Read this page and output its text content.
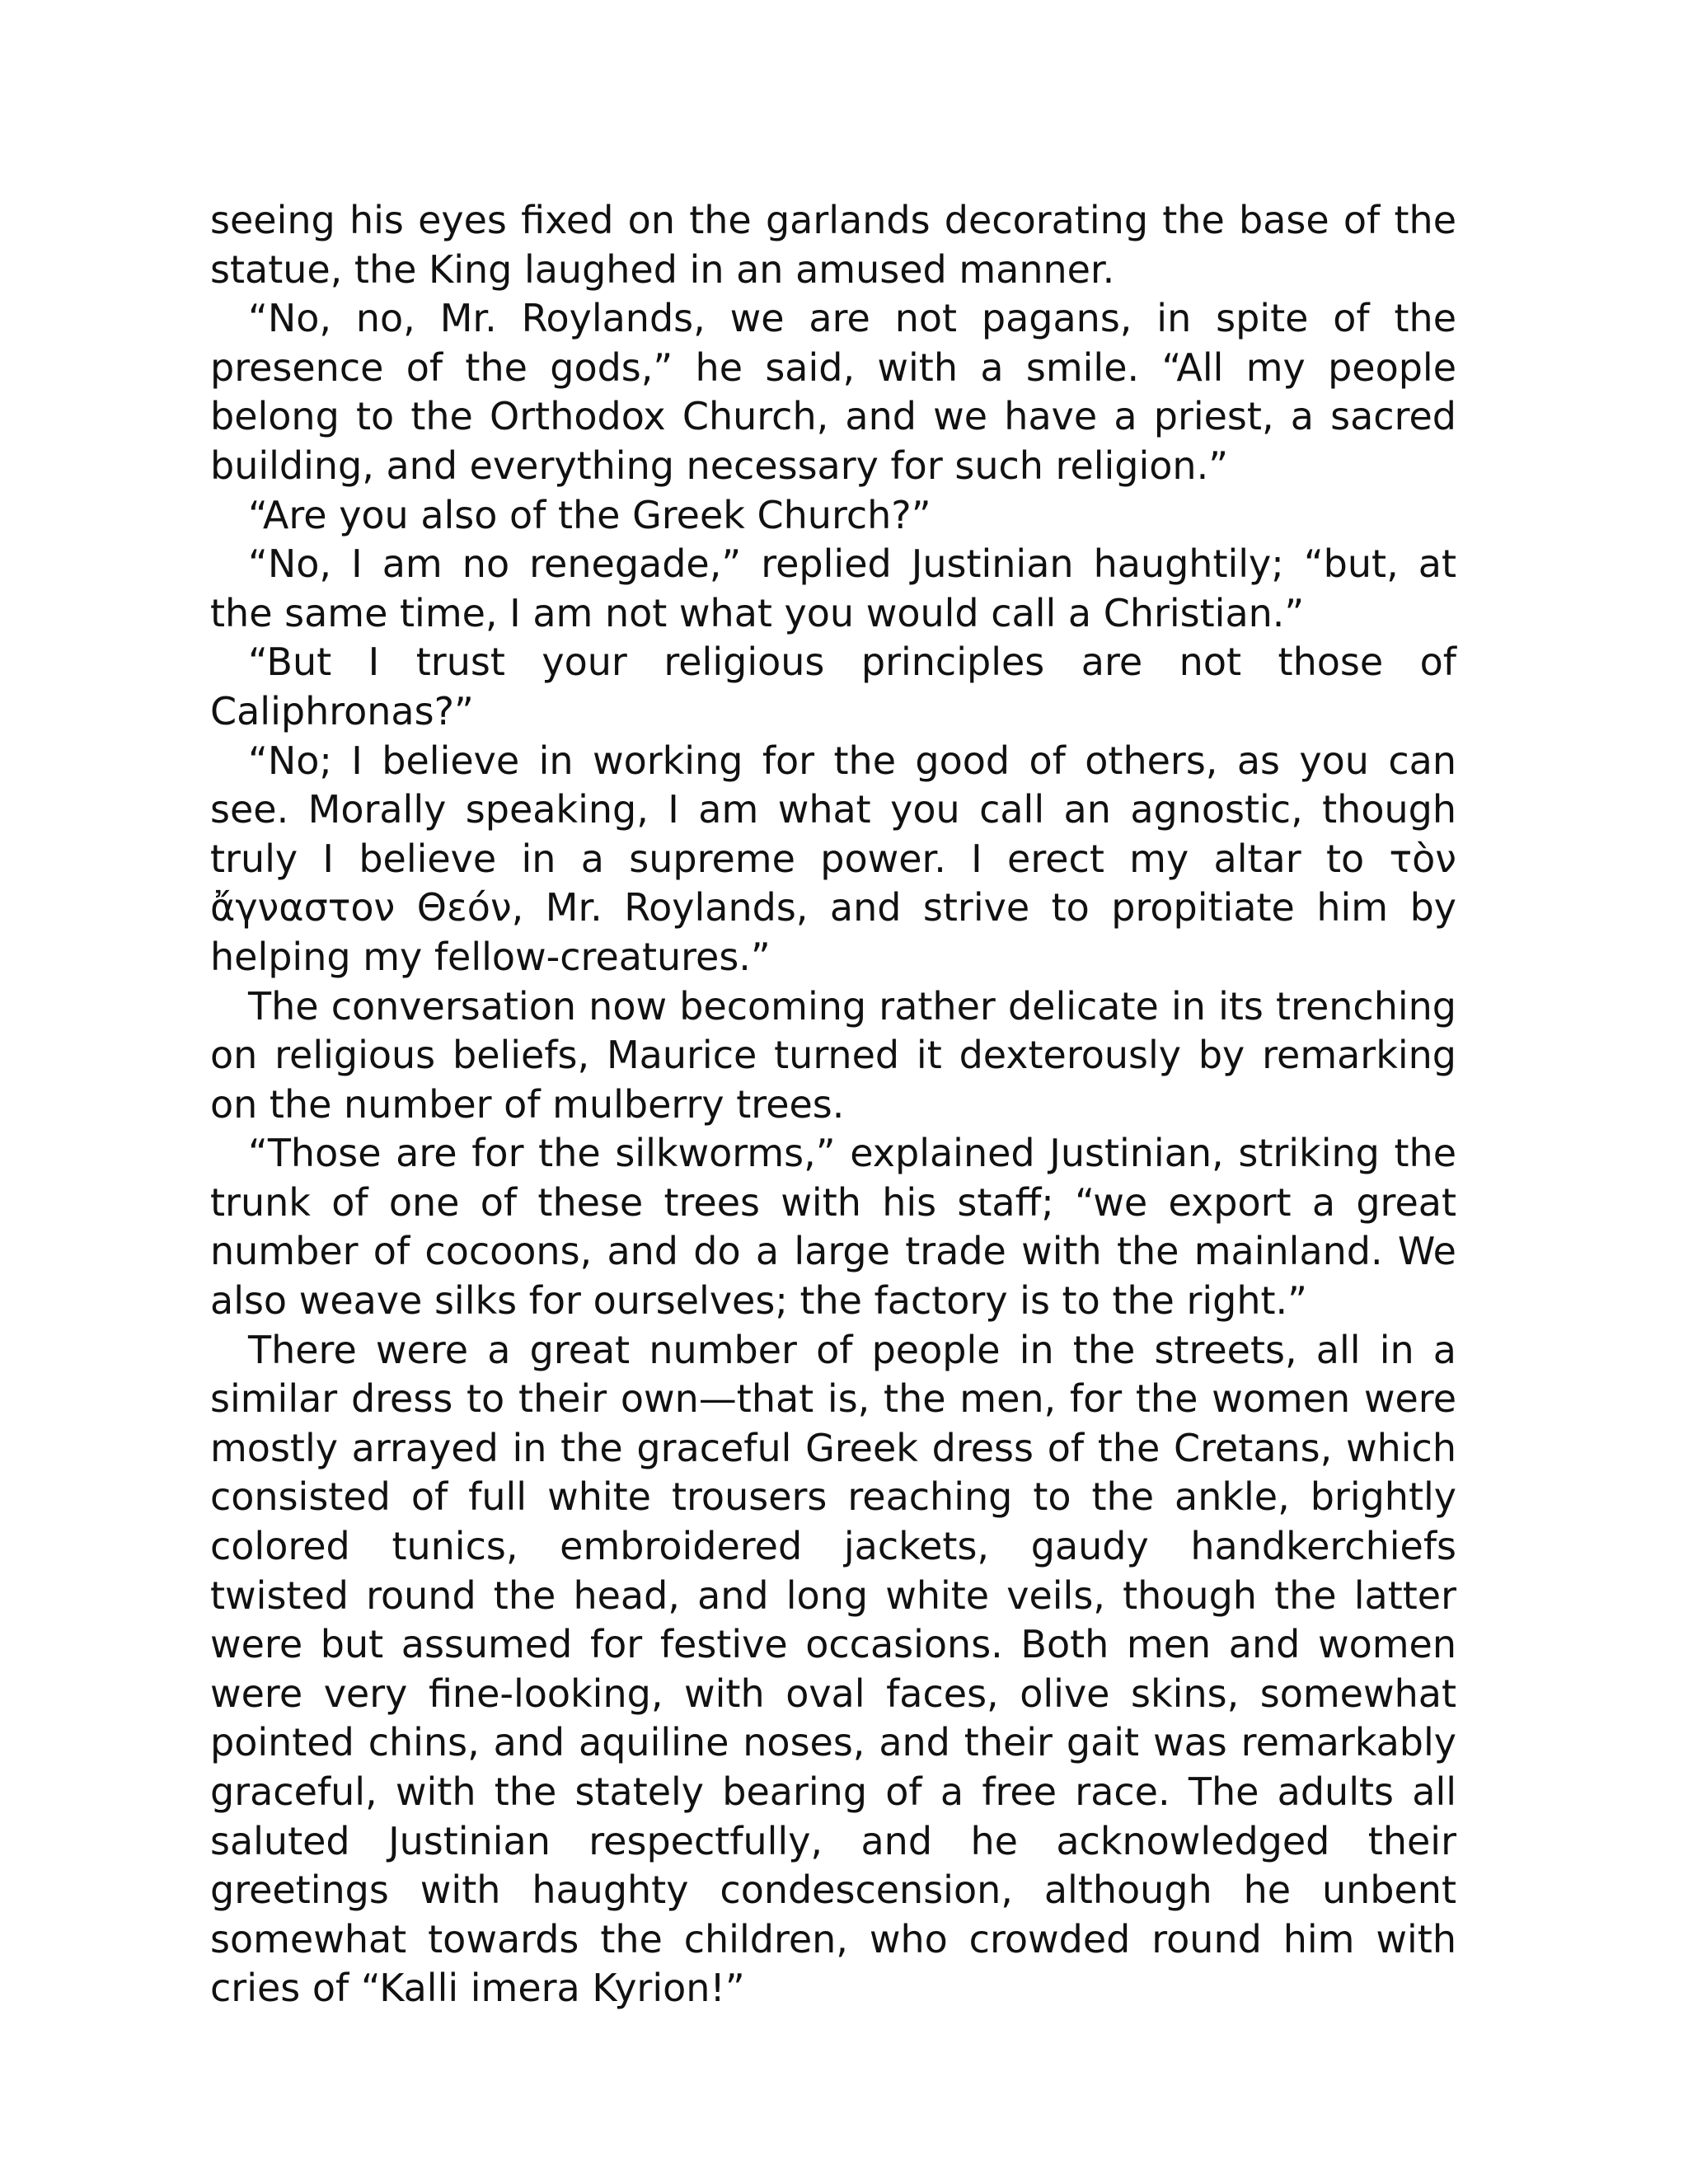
seeing his eyes fixed on the garlands decorating the base of the statue, the King laughed in an amused manner.

“No, no, Mr. Roylands, we are not pagans, in spite of the presence of the gods,” he said, with a smile. “All my people belong to the Orthodox Church, and we have a priest, a sacred building, and everything necessary for such religion.”

“Are you also of the Greek Church?”

“No, I am no renegade,” replied Justinian haughtily; “but, at the same time, I am not what you would call a Christian.”

“But I trust your religious principles are not those of Caliphronas?”

“No; I believe in working for the good of others, as you can see. Morally speaking, I am what you call an agnostic, though truly I believe in a supreme power. I erect my altar to τὸν ἄγναστον Θεόν, Mr. Roylands, and strive to propitiate him by helping my fellow-creatures.”

The conversation now becoming rather delicate in its trenching on religious beliefs, Maurice turned it dexterously by remarking on the number of mulberry trees.

“Those are for the silkworms,” explained Justinian, striking the trunk of one of these trees with his staff; “we export a great number of cocoons, and do a large trade with the mainland. We also weave silks for ourselves; the factory is to the right.”

There were a great number of people in the streets, all in a similar dress to their own—that is, the men, for the women were mostly arrayed in the graceful Greek dress of the Cretans, which consisted of full white trousers reaching to the ankle, brightly colored tunics, embroidered jackets, gaudy handkerchiefs twisted round the head, and long white veils, though the latter were but assumed for festive occasions. Both men and women were very fine-looking, with oval faces, olive skins, somewhat pointed chins, and aquiline noses, and their gait was remarkably graceful, with the stately bearing of a free race. The adults all saluted Justinian respectfully, and he acknowledged their greetings with haughty condescension, although he unbent somewhat towards the children, who crowded round him with cries of “Kalli imera Kyrion!”
